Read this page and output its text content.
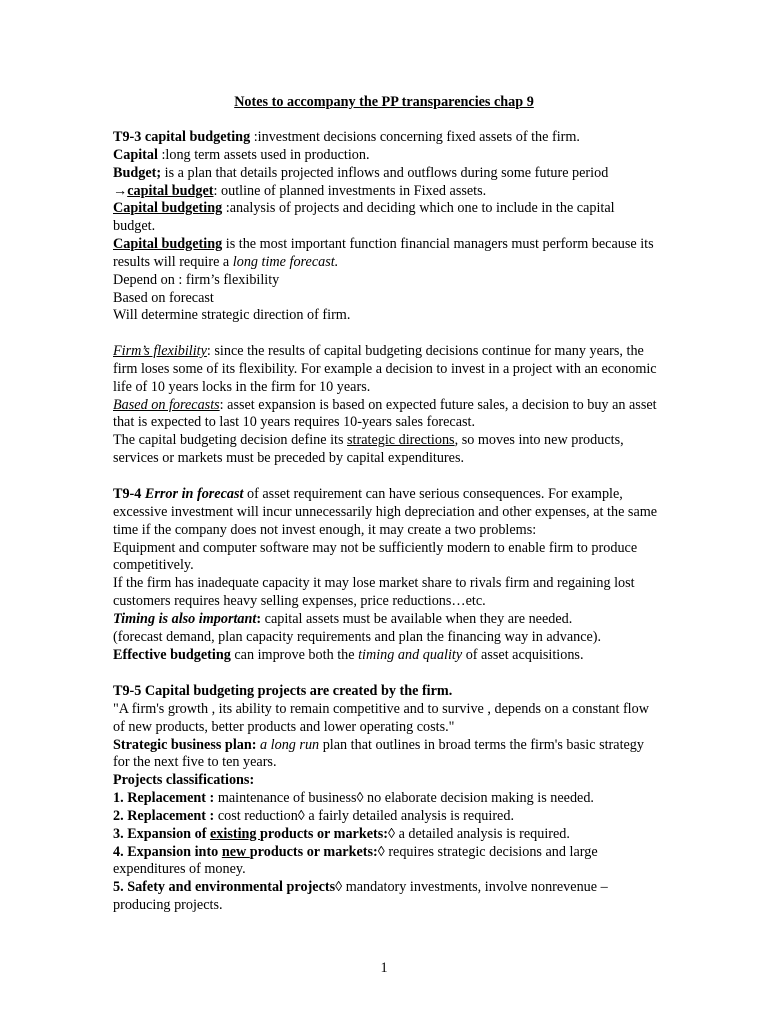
Notes to accompany the PP transparencies chap 9

T9-3 capital budgeting :investment decisions concerning fixed assets of the firm.

Capital :long term assets used in production.

Budget; is a plan that details projected inflows and outflows during some future period

→capital budget: outline of planned investments in Fixed assets.

Capital budgeting :analysis of projects and deciding which one to include in the capital budget.

Capital budgeting is the most important function financial managers must perform because its results will require a long time forecast.

Depend on : firm’s flexibility

Based on forecast

Will determine strategic direction of firm.

Firm’s flexibility: since the results of capital budgeting decisions continue for many years, the firm loses some of its flexibility. For example a decision to invest in a project with an economic life of 10 years locks in the firm for 10 years.

Based on forecasts: asset expansion is based on expected future sales, a decision to buy an asset that is expected to last 10 years requires 10-years sales forecast.

The capital budgeting decision define its strategic directions, so moves into new products, services or markets must be preceded by capital expenditures.

T9-4 Error in forecast of asset requirement can have serious consequences. For example, excessive investment will incur unnecessarily high depreciation and other expenses, at the same time if the company does not invest enough, it may create a two problems:

Equipment and computer software may not be sufficiently modern to enable firm to produce competitively.

If the firm has inadequate capacity it may lose market share to rivals firm and regaining lost customers requires heavy selling expenses, price reductions…etc.

Timing is also important: capital assets must be available when they are needed.

(forecast demand, plan capacity requirements and plan the financing way in advance).

Effective budgeting can improve both the timing and quality of asset acquisitions.

T9-5 Capital budgeting projects are created by the firm.

"A firm's growth , its ability to remain competitive and to survive , depends on a constant flow of new products, better products and lower operating costs."

Strategic business plan: a long run plan that outlines in broad terms the firm's basic strategy for the next five to ten years.

Projects classifications:

1. Replacement : maintenance of business◊ no elaborate decision making is needed.

2. Replacement : cost reduction◊ a fairly detailed analysis is required.

3. Expansion of existing products or markets:◊ a detailed analysis is required.

4. Expansion into new products or markets:◊ requires strategic decisions and large expenditures of money.

5. Safety and environmental projects◊ mandatory investments, involve nonrevenue –producing projects.

1
